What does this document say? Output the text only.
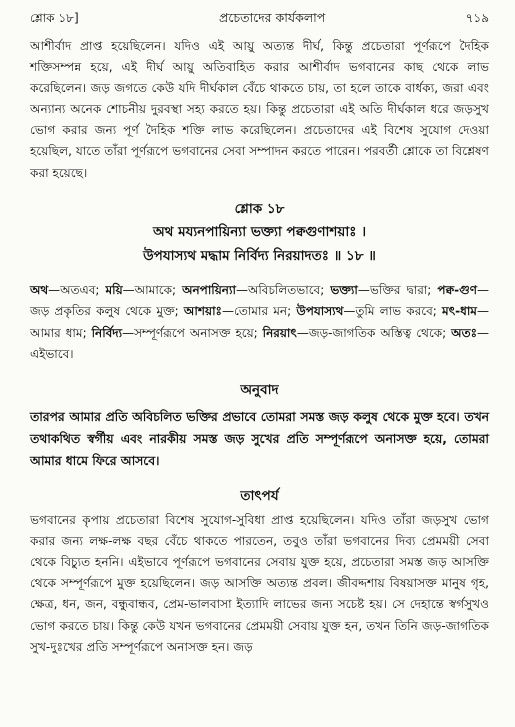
শ্লোক ১৮]	প্রচেতাদের কার্যকলাপ	৭১৯

আশীর্বাদ প্রাপ্ত হয়েছিলেন। যদিও এই আয়ু অত্যন্ত দীর্ঘ, কিন্তু প্রচেতারা পূর্ণরূপে দৈহিক শক্তিসম্পন্ন হয়ে, এই দীর্ঘ আয়ু অতিবাহিত করার আশীর্বাদ ভগবানের কাছ থেকে লাভ করেছিলেন। জড় জগতে কেউ যদি দীর্ঘকাল বেঁচে থাকতে চায়, তা হলে তাকে বার্ধক্য, জরা এবং অন্যান্য অনেক শোচনীয় দুরবস্থা সহ্য করতে হয়। কিন্তু প্রচেতারা এই অতি দীর্ঘকাল ধরে জড়সুখ ভোগ করার জন্য পূর্ণ দৈহিক শক্তি লাভ করেছিলেন। প্রচেতাদের এই বিশেষ সুযোগ দেওয়া হয়েছিল, যাতে তাঁরা পূর্ণরূপে ভগবানের সেবা সম্পাদন করতে পারেন। পরবর্তী শ্লোকে তা বিশ্লেষণ করা হয়েছে।

শ্লোক ১৮
অথ ময্যনপায়িন্যা ভক্ত্যা পক্বগুণাশয়াঃ ।
উপযাস্যথ মদ্ধাম নির্বিদ্য নিরয়াদতঃ ॥ ১৮ ॥

অথ—অতএব; ময়ি—আমাকে; অনপায়িন্যা—অবিচলিতভাবে; ভক্ত্যা—ভক্তির দ্বারা; পক্ব-গুণ—জড় প্রকৃতির কলুষ থেকে মুক্ত; আশয়াঃ—তোমার মন; উপযাস্যথ—তুমি লাভ করবে; মৎ-ধাম—আমার ধাম; নির্বিদ্য—সম্পূর্ণরূপে অনাসক্ত হয়ে; নিরয়াৎ—জড়-জাগতিক অস্তিত্ব থেকে; অতঃ—এইভাবে।

অনুবাদ

তারপর আমার প্রতি অবিচলিত ভক্তির প্রভাবে তোমরা সমস্ত জড় কলুষ থেকে মুক্ত হবে। তখন তথাকথিত স্বর্গীয় এবং নারকীয় সমস্ত জড় সুখের প্রতি সম্পূর্ণরূপে অনাসক্ত হয়ে, তোমরা আমার ধামে ফিরে আসবে।

তাৎপর্য

ভগবানের কৃপায় প্রচেতারা বিশেষ সুযোগ-সুবিধা প্রাপ্ত হয়েছিলেন। যদিও তাঁরা জড়সুখ ভোগ করার জন্য লক্ষ-লক্ষ বছর বেঁচে থাকতে পারতেন, তবুও তাঁরা ভগবানের দিব্য প্রেমময়ী সেবা থেকে বিচ্যুত হননি। এইভাবে পূর্ণরূপে ভগবানের সেবায় যুক্ত হয়ে, প্রচেতারা সমস্ত জড় আসক্তি থেকে সম্পূর্ণরূপে মুক্ত হয়েছিলেন। জড় আসক্তি অত্যন্ত প্রবল। জীবদ্দশায় বিষয়াসক্ত মানুষ গৃহ, ক্ষেত্র, ধন, জন, বন্ধুবান্ধব, প্রেম-ভালবাসা ইত্যাদি লাভের জন্য সচেষ্ট হয়। সে দেহান্তে স্বর্গসুখও ভোগ করতে চায়। কিন্তু কেউ যখন ভগবানের প্রেমময়ী সেবায় যুক্ত হন, তখন তিনি জড়-জাগতিক সুখ-দুঃখের প্রতি সম্পূর্ণরূপে অনাসক্ত হন। জড়
